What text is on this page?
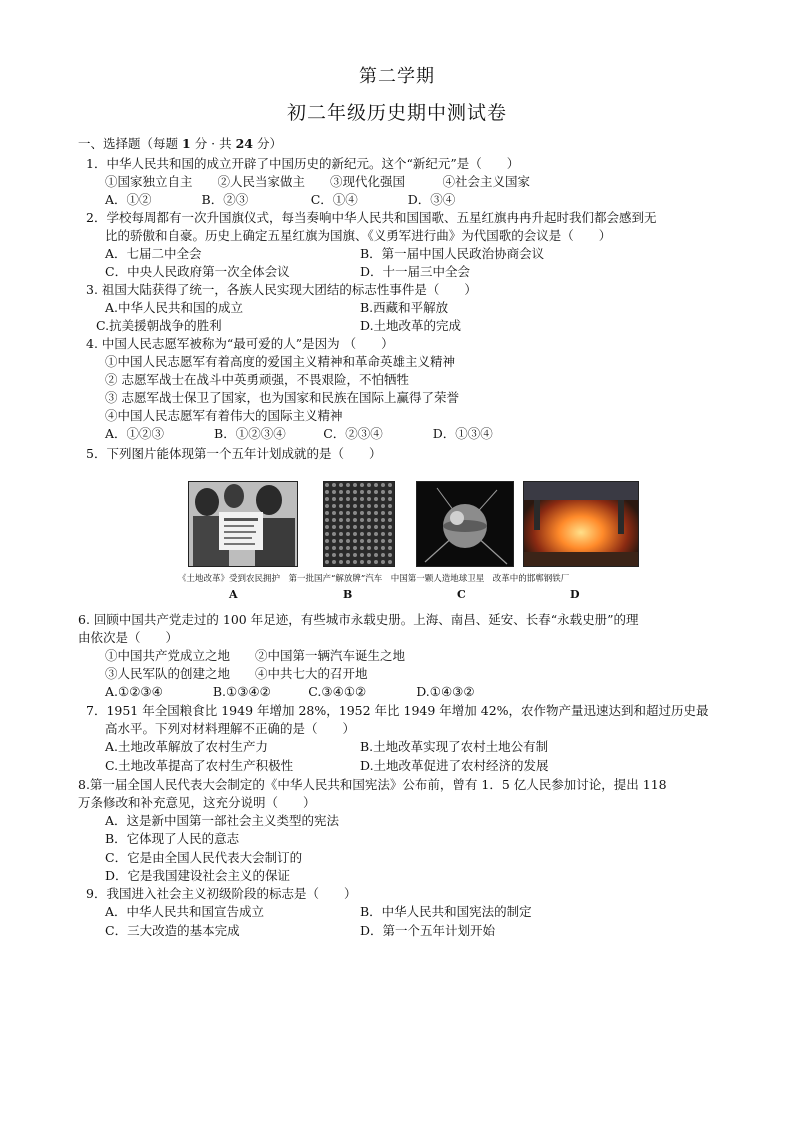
第二学期
初二年级历史期中测试卷
一、选择题（每题 1 分 · 共 24 分）
1．中华人民共和国的成立开辟了中国历史的新纪元。这个“新纪元”是（　　）
①国家独立自主　　②人民当家做主　　③现代化强国　　　④社会主义国家
A．①②　　　　B．②③　　　　　C．①④　　　　D．③④
2．学校每周都有一次升国旗仪式，每当奏响中华人民共和国国歌、五星红旗冉冉升起时我们都会感到无
比的骄傲和自豪。历史上确定五星红旗为国旗、《义勇军进行曲》为代国歌的会议是（　　）
A．七届二中全会	B．第一届中国人民政治协商会议
C．中央人民政府第一次全体会议	D．十一届三中全会
3. 祖国大陆获得了统一，各族人民实现大团结的标志性事件是（　　）
A.中华人民共和国的成立	B.西藏和平解放
C.抗美援朝战争的胜利	D.土地改革的完成
4. 中国人民志愿军被称为“最可爱的人”是因为 （　　）
①中国人民志愿军有着高度的爱国主义精神和革命英雄主义精神
② 志愿军战士在战斗中英勇顽强，不畏艰险，不怕牺牲
③ 志愿军战士保卫了国家，也为国家和民族在国际上赢得了荣誉
④中国人民志愿军有着伟大的国际主义精神
A．①②③　　　　B．①②③④　　　C．②③④　　　　D．①③④
5．下列图片能体现第一个五年计划成就的是（　　）
《土地改革》受到农民拥护　第一批国产“解放牌”汽车　中国第一颗人造地球卫星　改革中的邯郸钢铁厂
A	B	C	D
6. 回顾中国共产党走过的 100 年足迹，有些城市永载史册。上海、南昌、延安、长春“永载史册”的理
由依次是（　　）
①中国共产党成立之地　　②中国第一辆汽车诞生之地
③人民军队的创建之地　　④中共七大的召开地
A.①②③④　　　　B.①③④②　　　C.③④①②　　　　D.①④③②
7．1951 年全国粮食比 1949 年增加 28%，1952 年比 1949 年增加 42%，农作物产量迅速达到和超过历史最
高水平。下列对材料理解不正确的是（　　）
A.土地改革解放了农村生产力	B.土地改革实现了农村土地公有制
C.土地改革提高了农村生产积极性	D.土地改革促进了农村经济的发展
8.第一届全国人民代表大会制定的《中华人民共和国宪法》公布前，曾有 1．5 亿人民参加讨论，提出 118
万条修改和补充意见，这充分说明（　　）
A．这是新中国第一部社会主义类型的宪法
B．它体现了人民的意志
C．它是由全国人民代表大会制订的
D．它是我国建设社会主义的保证
9．我国进入社会主义初级阶段的标志是（　　）
A．中华人民共和国宣告成立	B．中华人民共和国宪法的制定
C．三大改造的基本完成	D．第一个五年计划开始
